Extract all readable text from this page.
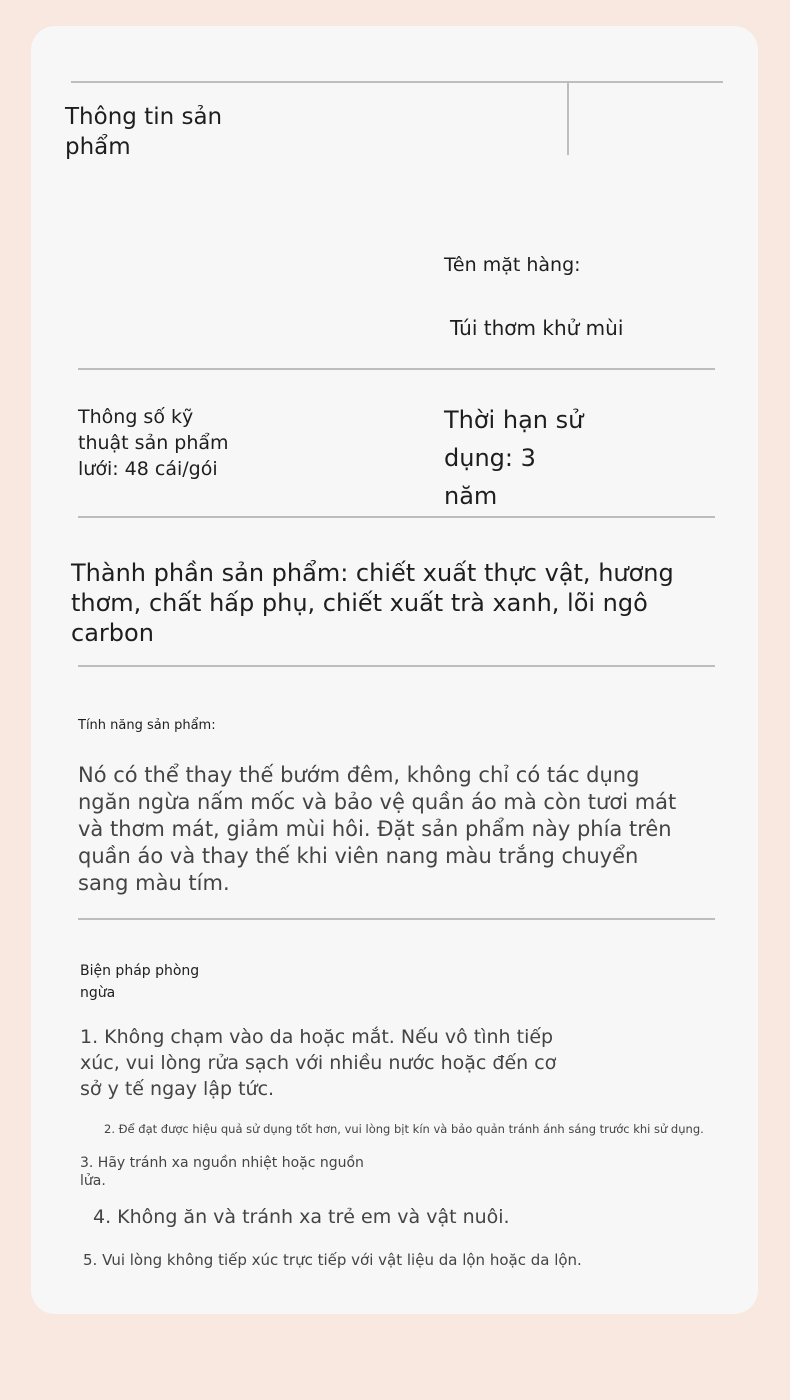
Thông tin sản phẩm

Tên mặt hàng:

Túi thơm khử mùi

Thông số kỹ thuật sản phẩm lưới: 48 cái/gói

Thời hạn sử dụng: 3 năm

Thành phần sản phẩm: chiết xuất thực vật, hương thơm, chất hấp phụ, chiết xuất trà xanh, lõi ngô carbon

Tính năng sản phẩm:

Nó có thể thay thế bướm đêm, không chỉ có tác dụng ngăn ngừa nấm mốc và bảo vệ quần áo mà còn tươi mát và thơm mát, giảm mùi hôi. Đặt sản phẩm này phía trên quần áo và thay thế khi viên nang màu trắng chuyển sang màu tím.

Biện pháp phòng ngừa

1. Không chạm vào da hoặc mắt. Nếu vô tình tiếp xúc, vui lòng rửa sạch với nhiều nước hoặc đến cơ sở y tế ngay lập tức.

2. Để đạt được hiệu quả sử dụng tốt hơn, vui lòng bịt kín và bảo quản tránh ánh sáng trước khi sử dụng.

3. Hãy tránh xa nguồn nhiệt hoặc nguồn lửa.

4. Không ăn và tránh xa trẻ em và vật nuôi.

5. Vui lòng không tiếp xúc trực tiếp với vật liệu da lộn hoặc da lộn.
